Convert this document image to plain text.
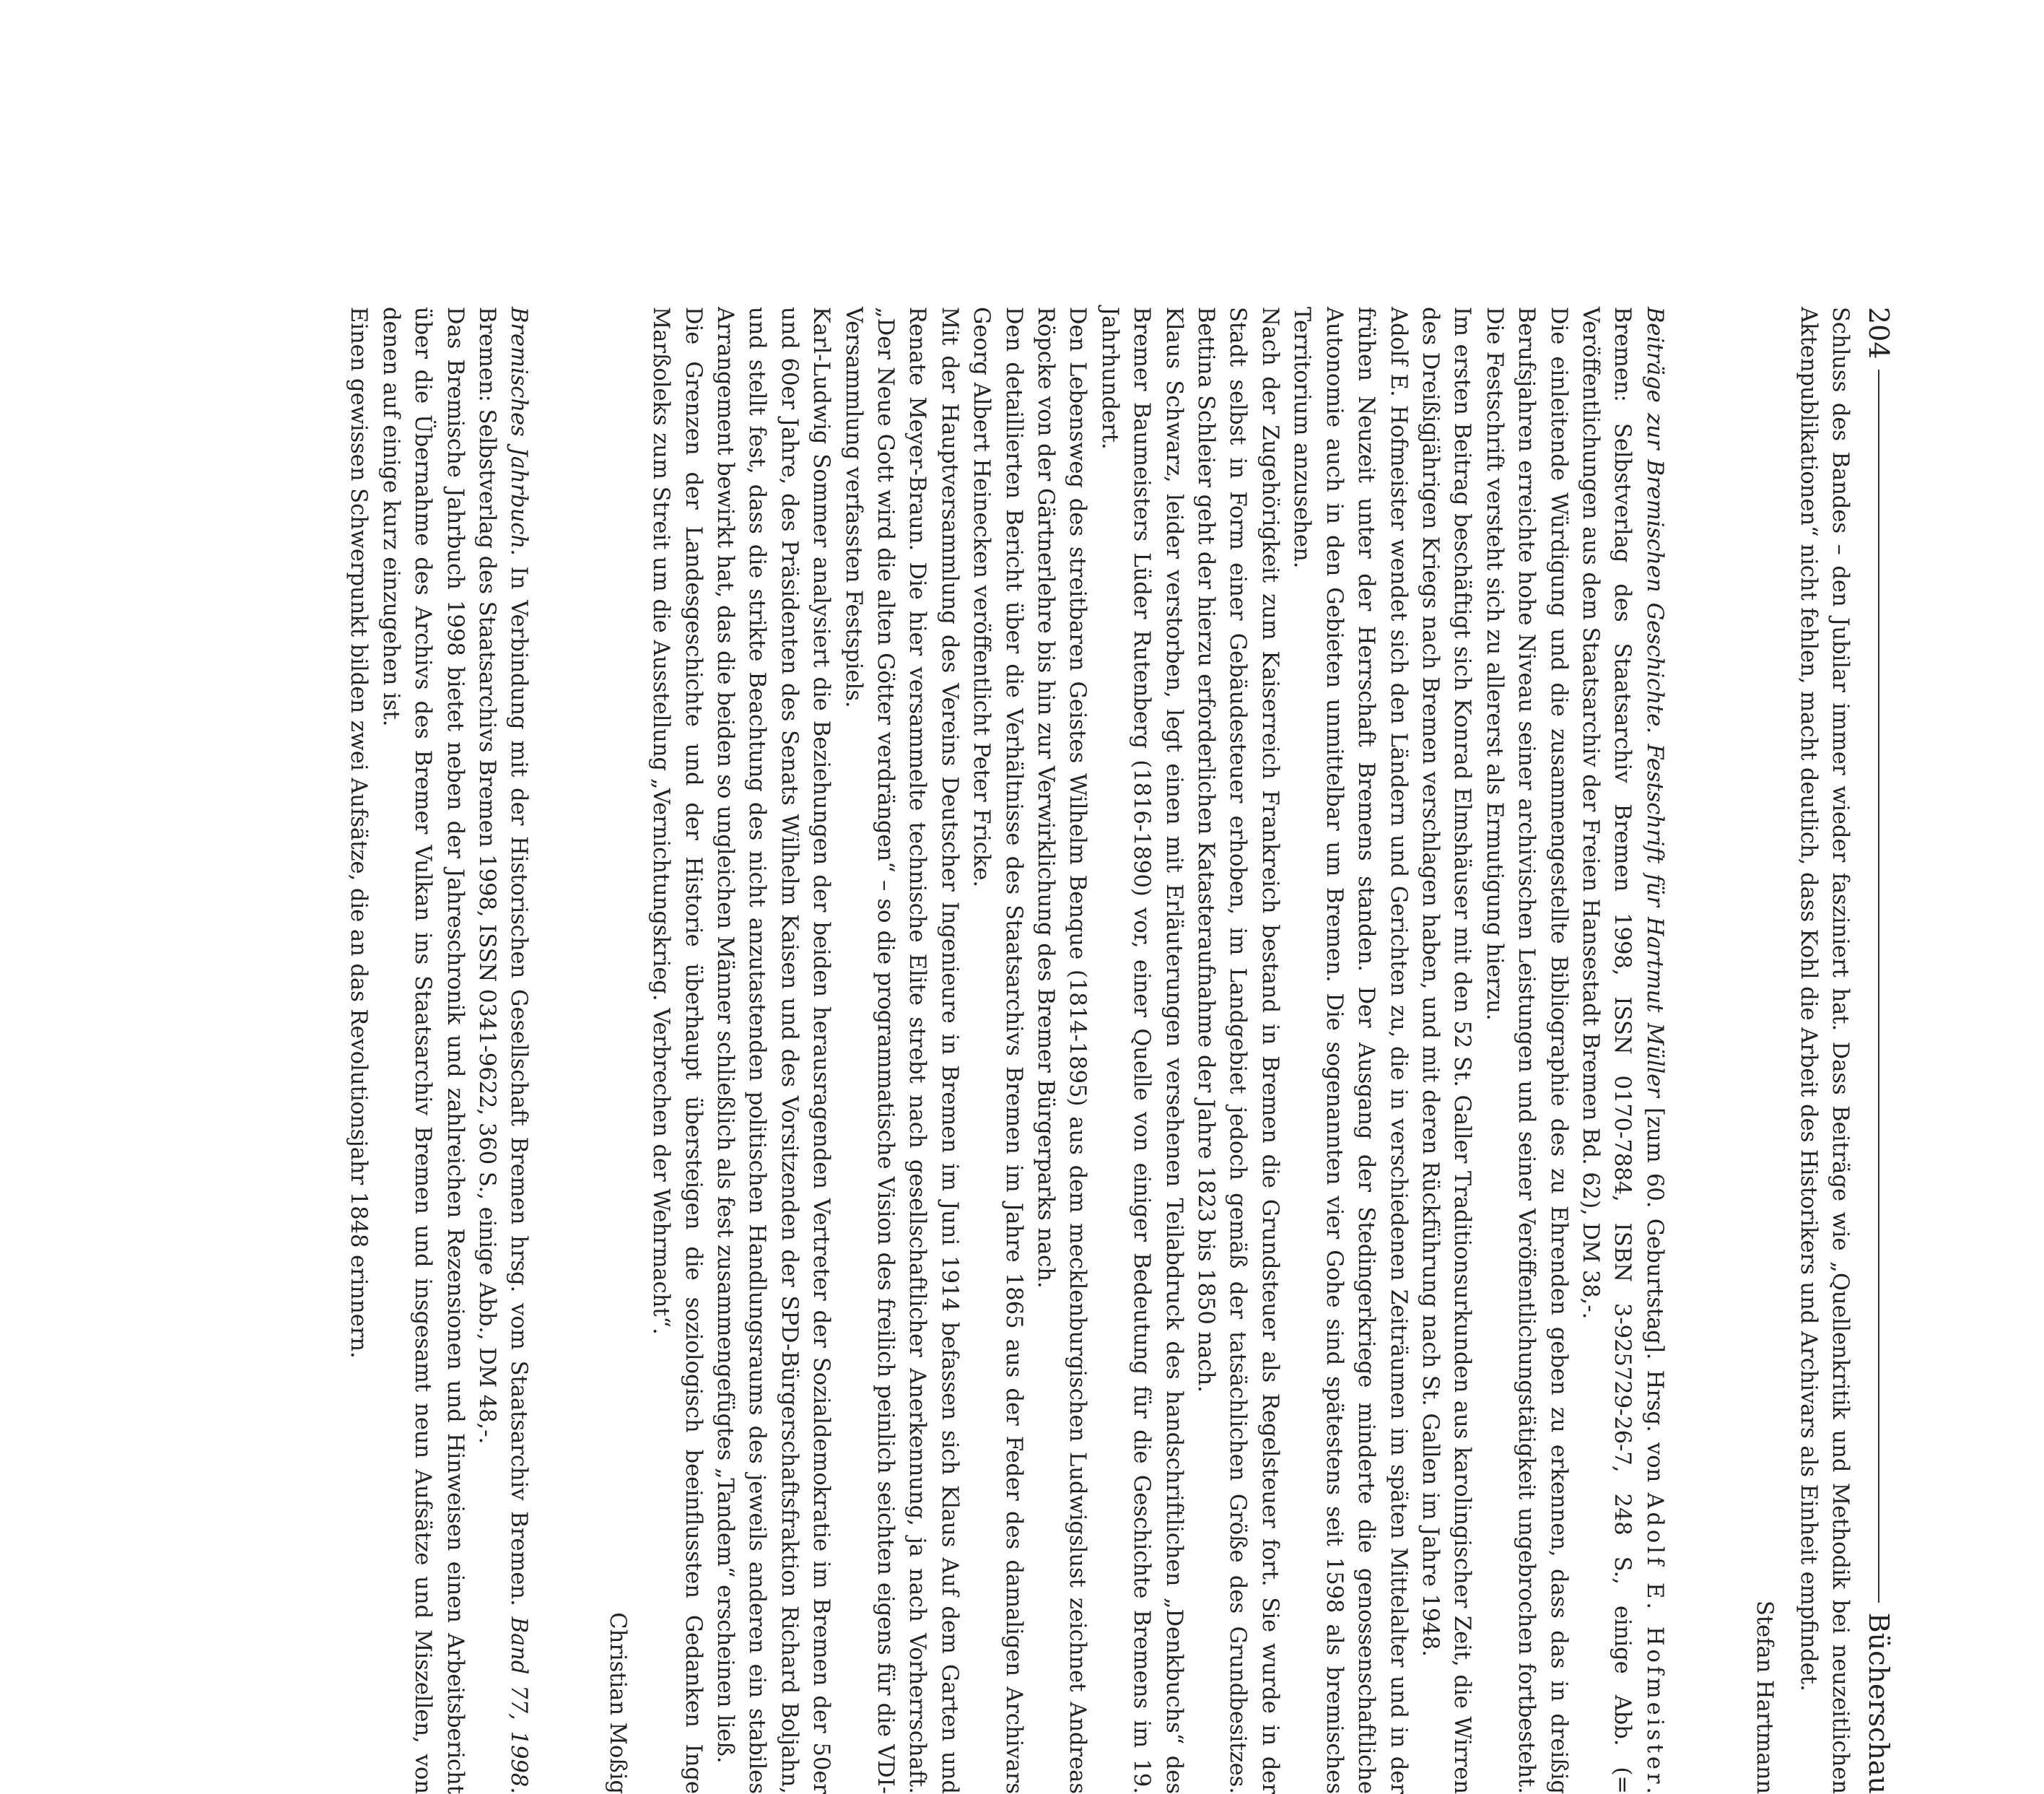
204
Bücherschau

Schluss des Bandes – den Jubilar immer wieder fasziniert hat. Dass Beiträge wie „Quellenkritik und Methodik bei neuzeitlichen Aktenpublikationen“ nicht fehlen, macht deutlich, dass Kohl die Arbeit des Historikers und Archivars als Einheit empfindet.

Stefan Hartmann

Beiträge zur Bremischen Geschichte. Festschrift für Hartmut Müller [zum 60. Geburtstag]. Hrsg. von Adolf E. Hofmeister. Bremen: Selbstverlag des Staatsarchiv Bremen 1998, ISSN 0170-7884, ISBN 3-925729-26-7, 248 S., einige Abb. (= Veröffentlichungen aus dem Staatsarchiv der Freien Hansestadt Bremen Bd. 62), DM 38,-.

Die einleitende Würdigung und die zusammengestellte Bibliographie des zu Ehrenden geben zu erkennen, dass das in dreißig Berufsjahren erreichte hohe Niveau seiner archivischen Leistungen und seiner Veröffentlichungstätigkeit ungebrochen fortbesteht. Die Festschrift versteht sich zu allererst als Ermutigung hierzu.

Im ersten Beitrag beschäftigt sich Konrad Elmshäuser mit den 52 St. Galler Traditionsurkunden aus karolingischer Zeit, die Wirren des Dreißigjährigen Kriegs nach Bremen verschlagen haben, und mit deren Rückführung nach St. Gallen im Jahre 1948.

Adolf E. Hofmeister wendet sich den Ländern und Gerichten zu, die in verschiedenen Zeiträumen im späten Mittelalter und in der frühen Neuzeit unter der Herrschaft Bremens standen. Der Ausgang der Stedingerkriege minderte die genossenschaftliche Autonomie auch in den Gebieten unmittelbar um Bremen. Die sogenannten vier Gohe sind spätestens seit 1598 als bremisches Territorium anzusehen.

Nach der Zugehörigkeit zum Kaiserreich Frankreich bestand in Bremen die Grundsteuer als Regelsteuer fort. Sie wurde in der Stadt selbst in Form einer Gebäudesteuer erhoben, im Landgebiet jedoch gemäß der tatsächlichen Größe des Grundbesitzes. Bettina Schleier geht der hierzu erforderlichen Katasteraufnahme der Jahre 1823 bis 1850 nach.

Klaus Schwarz, leider verstorben, legt einen mit Erläuterungen versehenen Teilabdruck des handschriftlichen „Denkbuchs“ des Bremer Baumeisters Lüder Rutenberg (1816-1890) vor, einer Quelle von einiger Bedeutung für die Geschichte Bremens im 19. Jahrhundert.

Den Lebensweg des streitbaren Geistes Wilhelm Benque (1814-1895) aus dem mecklenburgischen Ludwigslust zeichnet Andreas Röpcke von der Gärtnerlehre bis hin zur Verwirklichung des Bremer Bürgerparks nach.

Den detaillierten Bericht über die Verhältnisse des Staatsarchivs Bremen im Jahre 1865 aus der Feder des damaligen Archivars Georg Albert Heinecken veröffentlicht Peter Fricke.

Mit der Hauptversammlung des Vereins Deutscher Ingenieure in Bremen im Juni 1914 befassen sich Klaus Auf dem Garten und Renate Meyer-Braun. Die hier versammelte technische Elite strebt nach gesellschaftlicher Anerkennung, ja nach Vorherrschaft. „Der Neue Gott wird die alten Götter verdrängen“ – so die programmatische Vision des freilich peinlich seichten eigens für die VDI-Versammlung verfassten Festspiels.

Karl-Ludwig Sommer analysiert die Beziehungen der beiden herausragenden Vertreter der Sozialdemokratie im Bremen der 50er und 60er Jahre, des Präsidenten des Senats Wilhelm Kaisen und des Vorsitzenden der SPD-Bürgerschaftsfraktion Richard Boljahn, und stellt fest, dass die strikte Beachtung des nicht anzutastenden politischen Handlungsraums des jeweils anderen ein stabiles Arrangement bewirkt hat, das die beiden so ungleichen Männer schließlich als fest zusammengefügtes „Tandem“ erscheinen ließ.

Die Grenzen der Landesgeschichte und der Historie überhaupt übersteigen die soziologisch beeinflussten Gedanken Inge Marßoleks zum Streit um die Ausstellung „Vernichtungskrieg. Verbrechen der Wehrmacht“.

Christian Moßig

Bremisches Jahrbuch. In Verbindung mit der Historischen Gesellschaft Bremen hrsg. vom Staatsarchiv Bremen. Band 77, 1998. Bremen: Selbstverlag des Staatsarchivs Bremen 1998, ISSN 0341-9622, 360 S., einige Abb., DM 48,-.

Das Bremische Jahrbuch 1998 bietet neben der Jahreschronik und zahlreichen Rezensionen und Hinweisen einen Arbeitsbericht über die Übernahme des Archivs des Bremer Vulkan ins Staatsarchiv Bremen und insgesamt neun Aufsätze und Miszellen, von denen auf einige kurz einzugehen ist.

Einen gewissen Schwerpunkt bilden zwei Aufsätze, die an das Revolutionsjahr 1848 erinnern.
